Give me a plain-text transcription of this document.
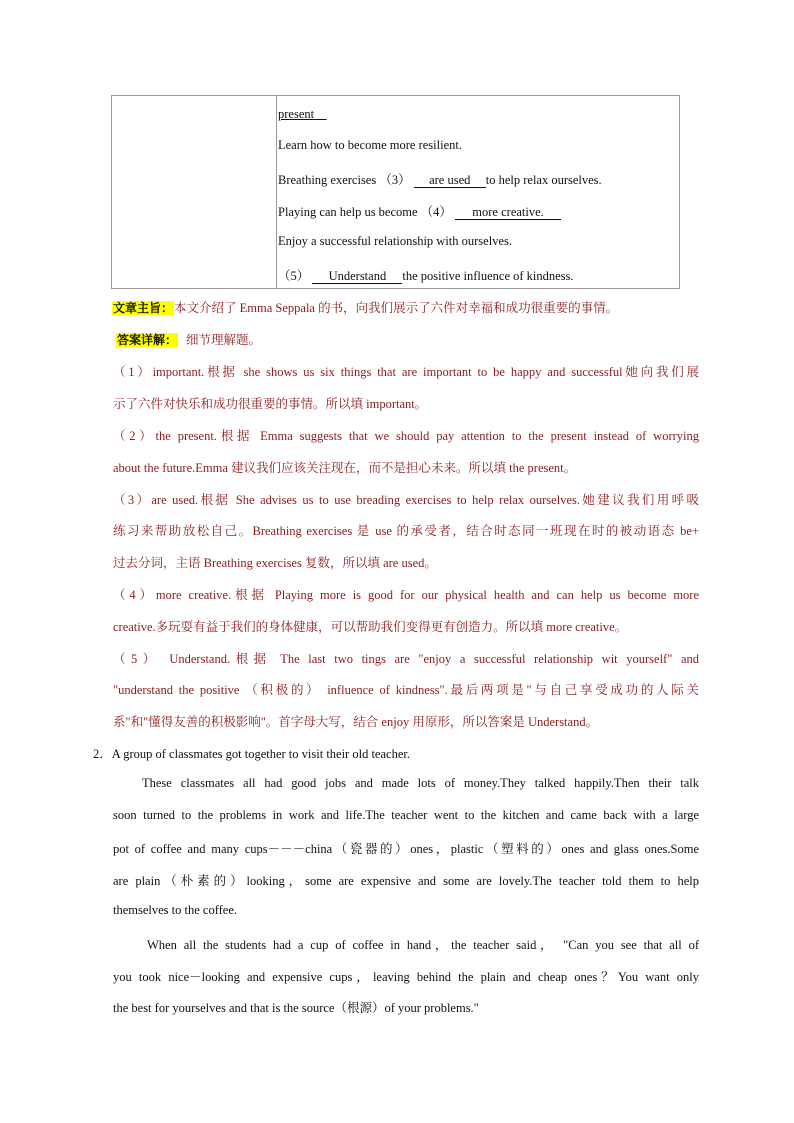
present
Learn how to become more resilient.
Breathing exercises （3） are used to help relax ourselves.
Playing can help us become （4） more creative.
Enjoy a successful relationship with ourselves.
（5） Understand the positive influence of kindness.
文章主旨：本文介绍了 Emma Seppala 的书，向我们展示了六件对幸福和成功很重要的事情。
答案详解： 细节理解题。
（1）important.根据 she shows us six things that are important to be happy and successful她向我们展
示了六件对快乐和成功很重要的事情。所以填 important。
（2）the present.根据 Emma suggests that we should pay attention to the present instead of worrying
about the future.Emma 建议我们应该关注现在，而不是担心未来。所以填 the present。
（3）are used.根据 She advises us to use breading exercises to help relax ourselves.她建议我们用呼吸
练习来帮助放松自己。Breathing exercises 是 use 的承受者，结合时态同一班现在时的被动语态 be+
过去分词，主语 Breathing exercises 复数，所以填 are used。
（4）more creative.根据 Playing more is good for our physical health and can help us become more
creative.多玩耍有益于我们的身体健康，可以帮助我们变得更有创造力。所以填 more creative。
（5） Understand.根据 The last two tings are "enjoy a successful relationship wit yourself" and
"understand the positive （积极的） influence of kindness".最后两项是"与自己享受成功的人际关
系"和"懂得友善的积极影响"。首字母大写，结合 enjoy 用原形，所以答案是 Understand。
2．A group of classmates got together to visit their old teacher.
These classmates all had good jobs and made lots of money.They talked happily.Then their talk
soon turned to the problems in work and life.The teacher went to the kitchen and came back with a large
pot of coffee and many cups－－－china（瓷器的）ones，plastic（塑料的）ones and glass ones.Some
are plain（朴素的）looking，some are expensive and some are lovely.The teacher told them to help
themselves to the coffee.
When all the students had a cup of coffee in hand，the teacher said， "Can you see that all of
you took nice－looking and expensive cups，leaving behind the plain and cheap ones？You want only
the best for yourselves and that is the source（根源）of your problems."
